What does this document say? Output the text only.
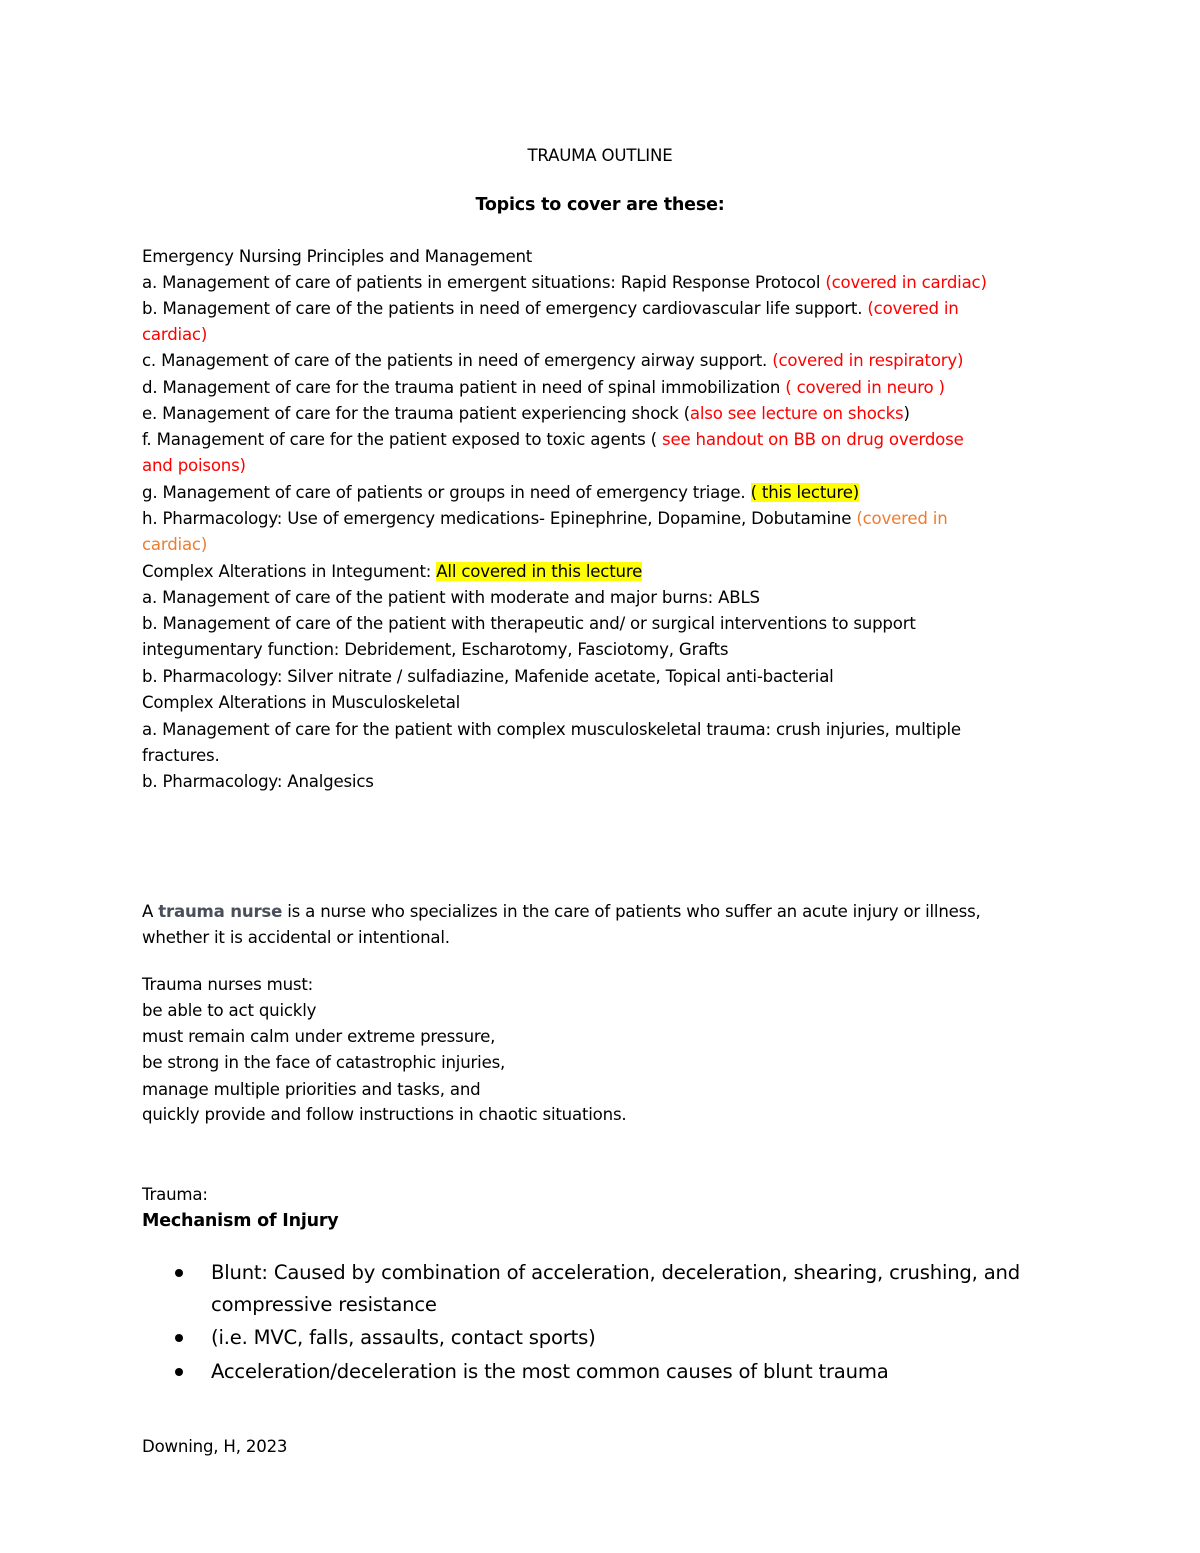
TRAUMA OUTLINE
Topics to cover are these:
Emergency Nursing Principles and Management
a. Management of care of patients in emergent situations: Rapid Response Protocol (covered in cardiac)
b. Management of care of the patients in need of emergency cardiovascular life support. (covered in
cardiac)
c. Management of care of the patients in need of emergency airway support. (covered in respiratory)
d. Management of care for the trauma patient in need of spinal immobilization ( covered in neuro )
e. Management of care for the trauma patient experiencing shock (also see lecture on shocks)
f. Management of care for the patient exposed to toxic agents ( see handout on BB on drug overdose
and poisons)
g. Management of care of patients or groups in need of emergency triage. ( this lecture)
h. Pharmacology: Use of emergency medications- Epinephrine, Dopamine, Dobutamine (covered in
cardiac)
Complex Alterations in Integument: All covered in this lecture
a. Management of care of the patient with moderate and major burns: ABLS
b. Management of care of the patient with therapeutic and/ or surgical interventions to support
integumentary function: Debridement, Escharotomy, Fasciotomy, Grafts
b. Pharmacology: Silver nitrate / sulfadiazine, Mafenide acetate, Topical anti-bacterial
Complex Alterations in Musculoskeletal
a. Management of care for the patient with complex musculoskeletal trauma: crush injuries, multiple
fractures.
b. Pharmacology: Analgesics
A trauma nurse is a nurse who specializes in the care of patients who suffer an acute injury or illness,
whether it is accidental or intentional.
Trauma nurses must:
be able to act quickly
must remain calm under extreme pressure,
be strong in the face of catastrophic injuries,
manage multiple priorities and tasks, and
quickly provide and follow instructions in chaotic situations.
Trauma:
Mechanism of Injury
Blunt: Caused by combination of acceleration, deceleration, shearing, crushing, and
compressive resistance
(i.e. MVC, falls, assaults, contact sports)
Acceleration/deceleration is the most common causes of blunt trauma
Downing, H, 2023
